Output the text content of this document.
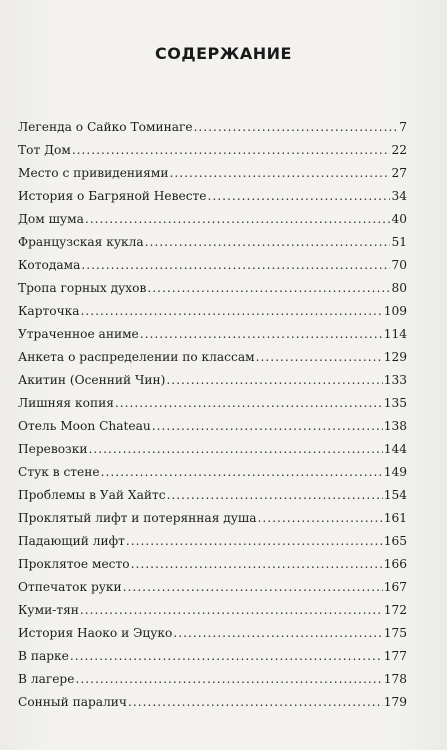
СОДЕРЖАНИЕ
Легенда о Сайко Томинаге .....	7
Тот Дом .....	22
Место с привидениями .....	27
История о Багряной Невесте .....	34
Дом шума .....	40
Французская кукла .....	51
Котодама .....	70
Тропа горных духов .....	80
Карточка .....	109
Утраченное аниме .....	114
Анкета о распределении по классам .....	129
Акитин (Осенний Чин) .....	133
Лишняя копия .....	135
Отель Moon Chateau .....	138
Перевозки .....	144
Стук в стене .....	149
Проблемы в Уай Хайтс .....	154
Проклятый лифт и потерянная душа .....	161
Падающий лифт .....	165
Проклятое место .....	166
Отпечаток руки .....	167
Куми-тян .....	172
История Наоко и Эцуко .....	175
В парке .....	177
В лагере .....	178
Сонный паралич .....	179
